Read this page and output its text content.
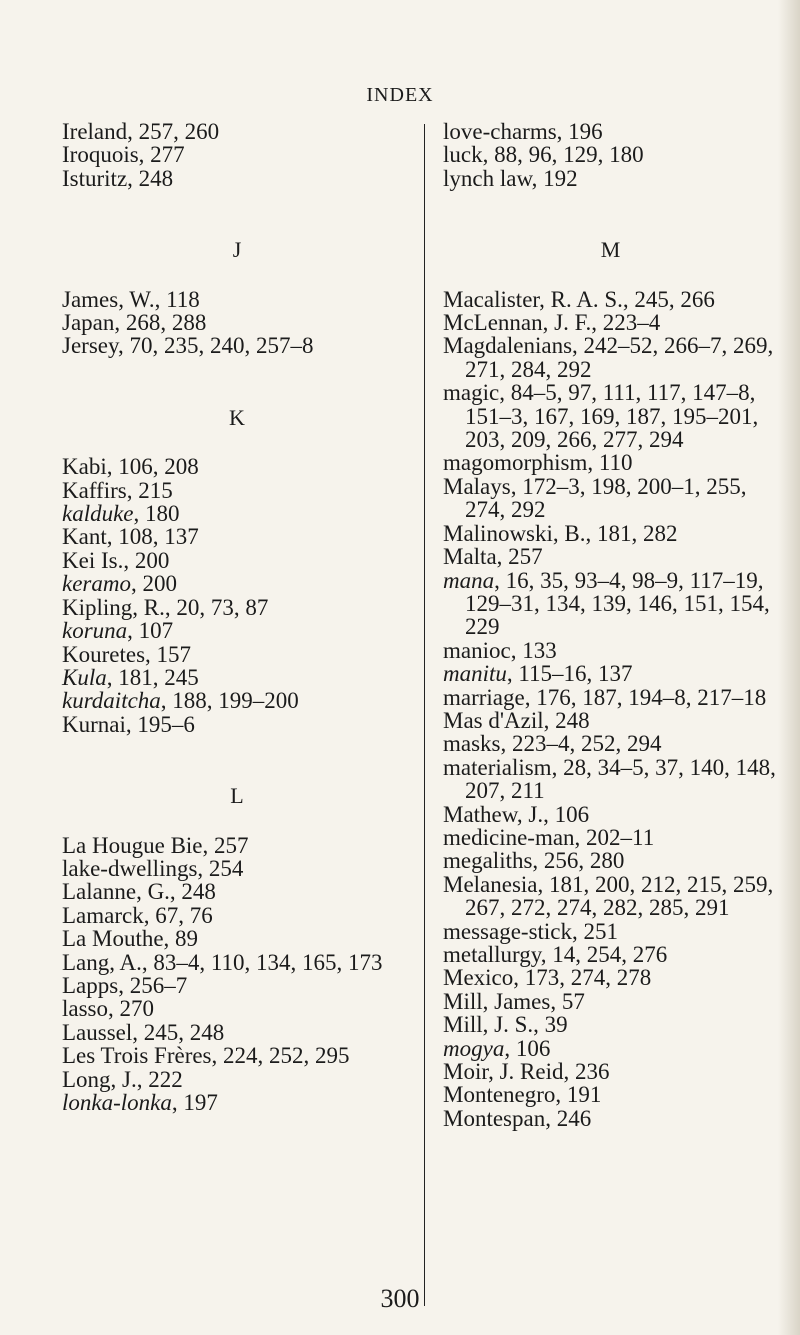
INDEX
Ireland, 257, 260
Iroquois, 277
Isturitz, 248
J
James, W., 118
Japan, 268, 288
Jersey, 70, 235, 240, 257–8
K
Kabi, 106, 208
Kaffirs, 215
kalduke, 180
Kant, 108, 137
Kei Is., 200
keramo, 200
Kipling, R., 20, 73, 87
koruna, 107
Kouretes, 157
Kula, 181, 245
kurdaitcha, 188, 199–200
Kurnai, 195–6
L
La Hougue Bie, 257
lake-dwellings, 254
Lalanne, G., 248
Lamarck, 67, 76
La Mouthe, 89
Lang, A., 83–4, 110, 134, 165, 173
Lapps, 256–7
lasso, 270
Laussel, 245, 248
Les Trois Frères, 224, 252, 295
Long, J., 222
lonka-lonka, 197
love-charms, 196
luck, 88, 96, 129, 180
lynch law, 192
M
Macalister, R. A. S., 245, 266
McLennan, J. F., 223–4
Magdalenians, 242–52, 266–7, 269, 271, 284, 292
magic, 84–5, 97, 111, 117, 147–8, 151–3, 167, 169, 187, 195–201, 203, 209, 266, 277, 294
magomorphism, 110
Malays, 172–3, 198, 200–1, 255, 274, 292
Malinowski, B., 181, 282
Malta, 257
mana, 16, 35, 93–4, 98–9, 117–19, 129–31, 134, 139, 146, 151, 154, 229
manioc, 133
manitu, 115–16, 137
marriage, 176, 187, 194–8, 217–18
Mas d'Azil, 248
masks, 223–4, 252, 294
materialism, 28, 34–5, 37, 140, 148, 207, 211
Mathew, J., 106
medicine-man, 202–11
megaliths, 256, 280
Melanesia, 181, 200, 212, 215, 259, 267, 272, 274, 282, 285, 291
message-stick, 251
metallurgy, 14, 254, 276
Mexico, 173, 274, 278
Mill, James, 57
Mill, J. S., 39
mogya, 106
Moir, J. Reid, 236
Montenegro, 191
Montespan, 246
300
